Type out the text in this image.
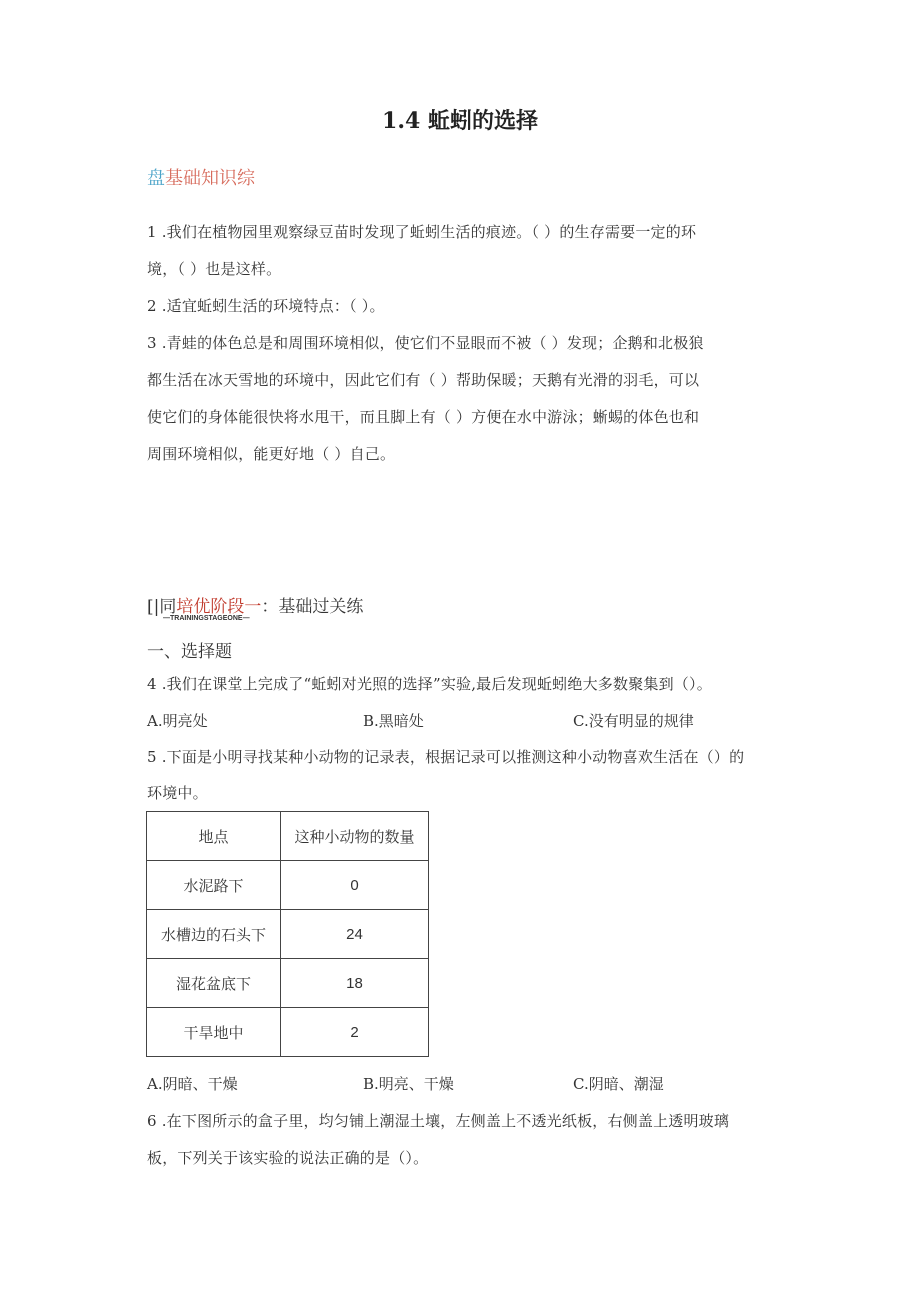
1.4 蚯蚓的选择
盘基础知识综
1 .我们在植物园里观察绿豆苗时发现了蚯蚓生活的痕迹。（ ）的生存需要一定的环
境，（ ）也是这样。
2 .适宜蚯蚓生活的环境特点：（ ）。
3 .青蛙的体色总是和周围环境相似，使它们不显眼而不被（ ）发现；企鹅和北极狼
都生活在冰天雪地的环境中，因此它们有（ ）帮助保暖；天鹅有光滑的羽毛，可以
使它们的身体能很快将水甩干，而且脚上有（ ）方便在水中游泳；蜥蜴的体色也和
周围环境相似，能更好地（ ）自己。
[|同培优阶段一：基础过关练
—TRAININGSTAGEONE—
一、选择题
4 .我们在课堂上完成了“蚯蚓对光照的选择”实验,最后发现蚯蚓绝大多数聚集到（）。
A.明亮处	B.黑暗处	C.没有明显的规律
5 .下面是小明寻找某种小动物的记录表，根据记录可以推测这种小动物喜欢生活在（）的
环境中。
地点	这种小动物的数量
水泥路下	0
水槽边的石头下	24
湿花盆底下	18
干旱地中	2
A.阴暗、干燥	B.明亮、干燥	C.阴暗、潮湿
6 .在下图所示的盒子里，均匀铺上潮湿土壤，左侧盖上不透光纸板，右侧盖上透明玻璃
板，下列关于该实验的说法正确的是（）。
